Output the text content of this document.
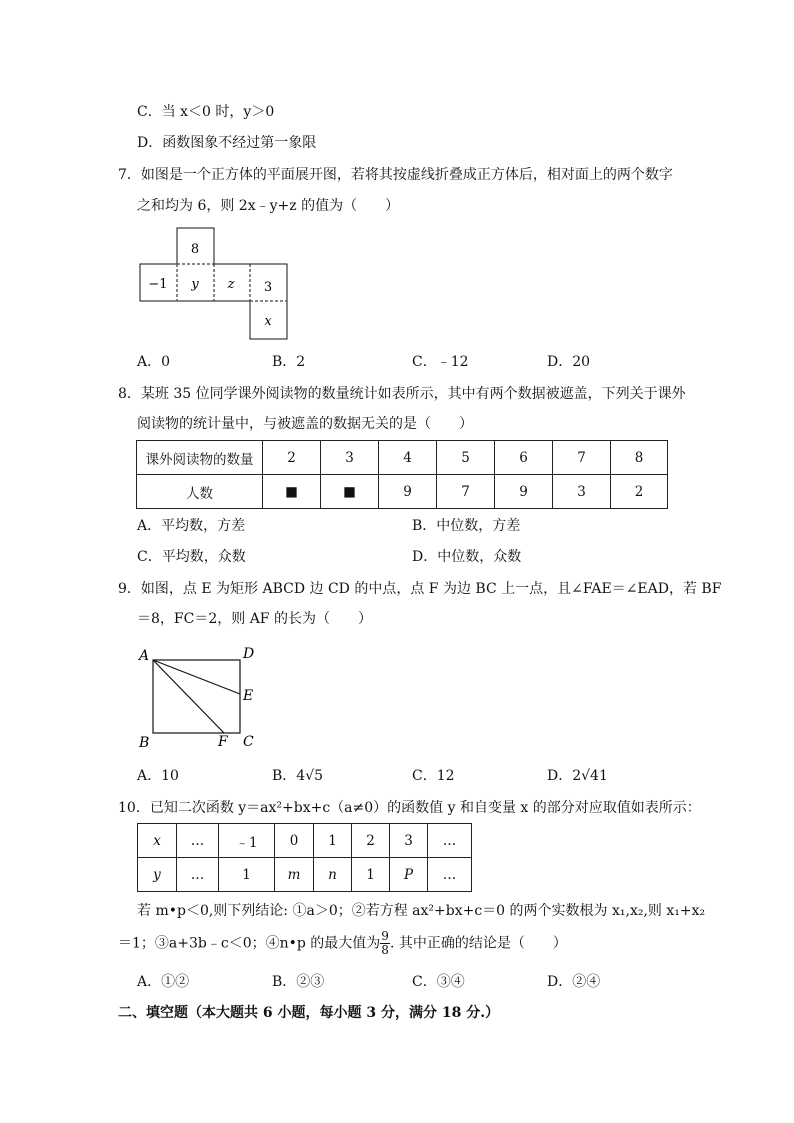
C．当 x＜0 时，y＞0
D．函数图象不经过第一象限
7．如图是一个正方体的平面展开图，若将其按虚线折叠成正方体后，相对面上的两个数字
之和均为 6，则 2x﹣y+z 的值为（　　）
8
−1 y z 3
x
A．0	B．2	C．﹣12	D．20
8．某班 35 位同学课外阅读物的数量统计如表所示，其中有两个数据被遮盖，下列关于课外
阅读物的统计量中，与被遮盖的数据无关的是（　　）
课外阅读物的数量	2	3	4	5	6	7	8
人数	■	■	9	7	9	3	2
A．平均数，方差	B．中位数，方差
C．平均数，众数	D．中位数，众数
9．如图，点 E 为矩形 ABCD 边 CD 的中点，点 F 为边 BC 上一点，且∠FAE＝∠EAD，若 BF
＝8，FC＝2，则 AF 的长为（　　）
A	D
E
B	F C
A．10	B．4√5	C．12	D．2√41
10．已知二次函数 y＝ax²+bx+c（a≠0）的函数值 y 和自变量 x 的部分对应取值如表所示：
x	…	﹣1	0	1	2	3	…
y	…	1	m	n	1	P	…
若 m•p＜0,则下列结论: ①a＞0；②若方程 ax²+bx+c＝0 的两个实数根为 x₁,x₂,则 x₁+x₂
＝1；③a+3b﹣c＜0；④n•p 的最大值为 $\frac{9}{8}$ . 其中正确的结论是（　　）
A．①②	B．②③	C．③④	D．②④
二、填空题（本大题共 6 小题，每小题 3 分，满分 18 分.）
